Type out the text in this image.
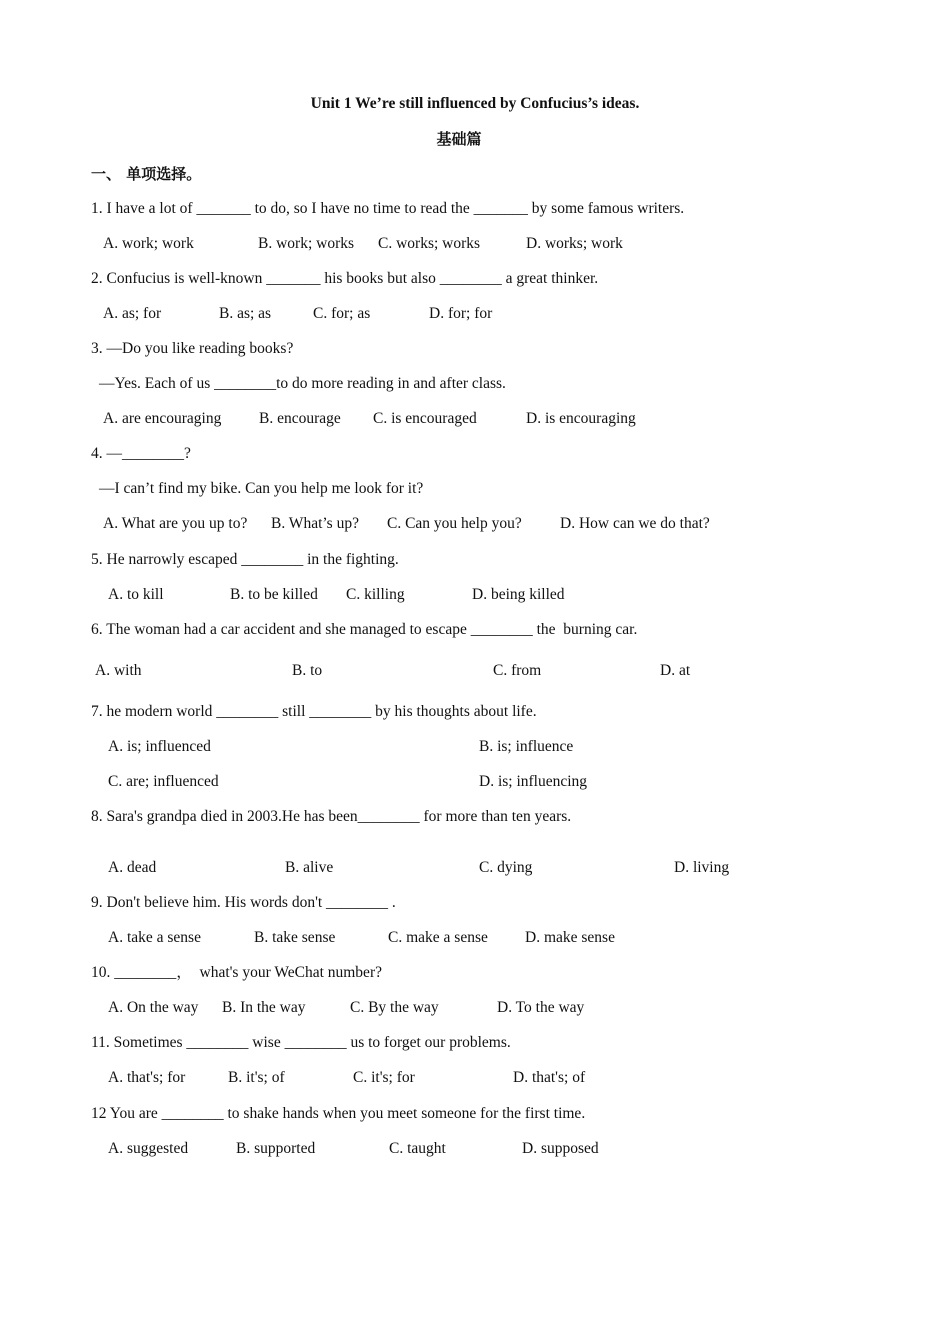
Unit 1 We’re still influenced by Confucius’s ideas.
基础篇
一、 单项选择。
1. I have a lot of _______ to do, so I have no time to read the _______ by some famous writers.
A. work; work	B. work; works C. works; works	D. works; work
2. Confucius is well-known _______ his books but also ________ a great thinker.
A. as; for	B. as; as	C. for; as	D. for; for
3. —Do you like reading books?
—Yes. Each of us ________to do more reading in and after class.
A. are encouraging B. encourage C. is encouraged	D. is encouraging
4. —________?
—I can’t find my bike. Can you help me look for it?
A. What are you up to? B. What’s up? C. Can you help you? D. How can we do that?
5. He narrowly escaped ________ in the fighting.
A. to kill	B. to be killed C. killing	D. being killed
6. The woman had a car accident and she managed to escape ________ the  burning car.
A. with	B. to	C. from	D. at
7. he modern world ________ still ________ by his thoughts about life.
A. is; influenced	B. is; influence
C. are; influenced	D. is; influencing
8. Sara's grandpa died in 2003.He has been________ for more than ten years.
A. dead	B. alive	C. dying	D. living
9. Don't believe him. His words don't ________ .
A. take a sense	B. take sense	C. make a sense D. make sense
10. ________，  what's your WeChat number?
A. On the way B. In the way	C. By the way	D. To the way
11. Sometimes ________ wise ________ us to forget our problems.
A. that's; for	B. it's; of	C. it's; for	D. that's; of
12 You are ________ to shake hands when you meet someone for the first time.
A. suggested	B. supported	C. taught	D. supposed
